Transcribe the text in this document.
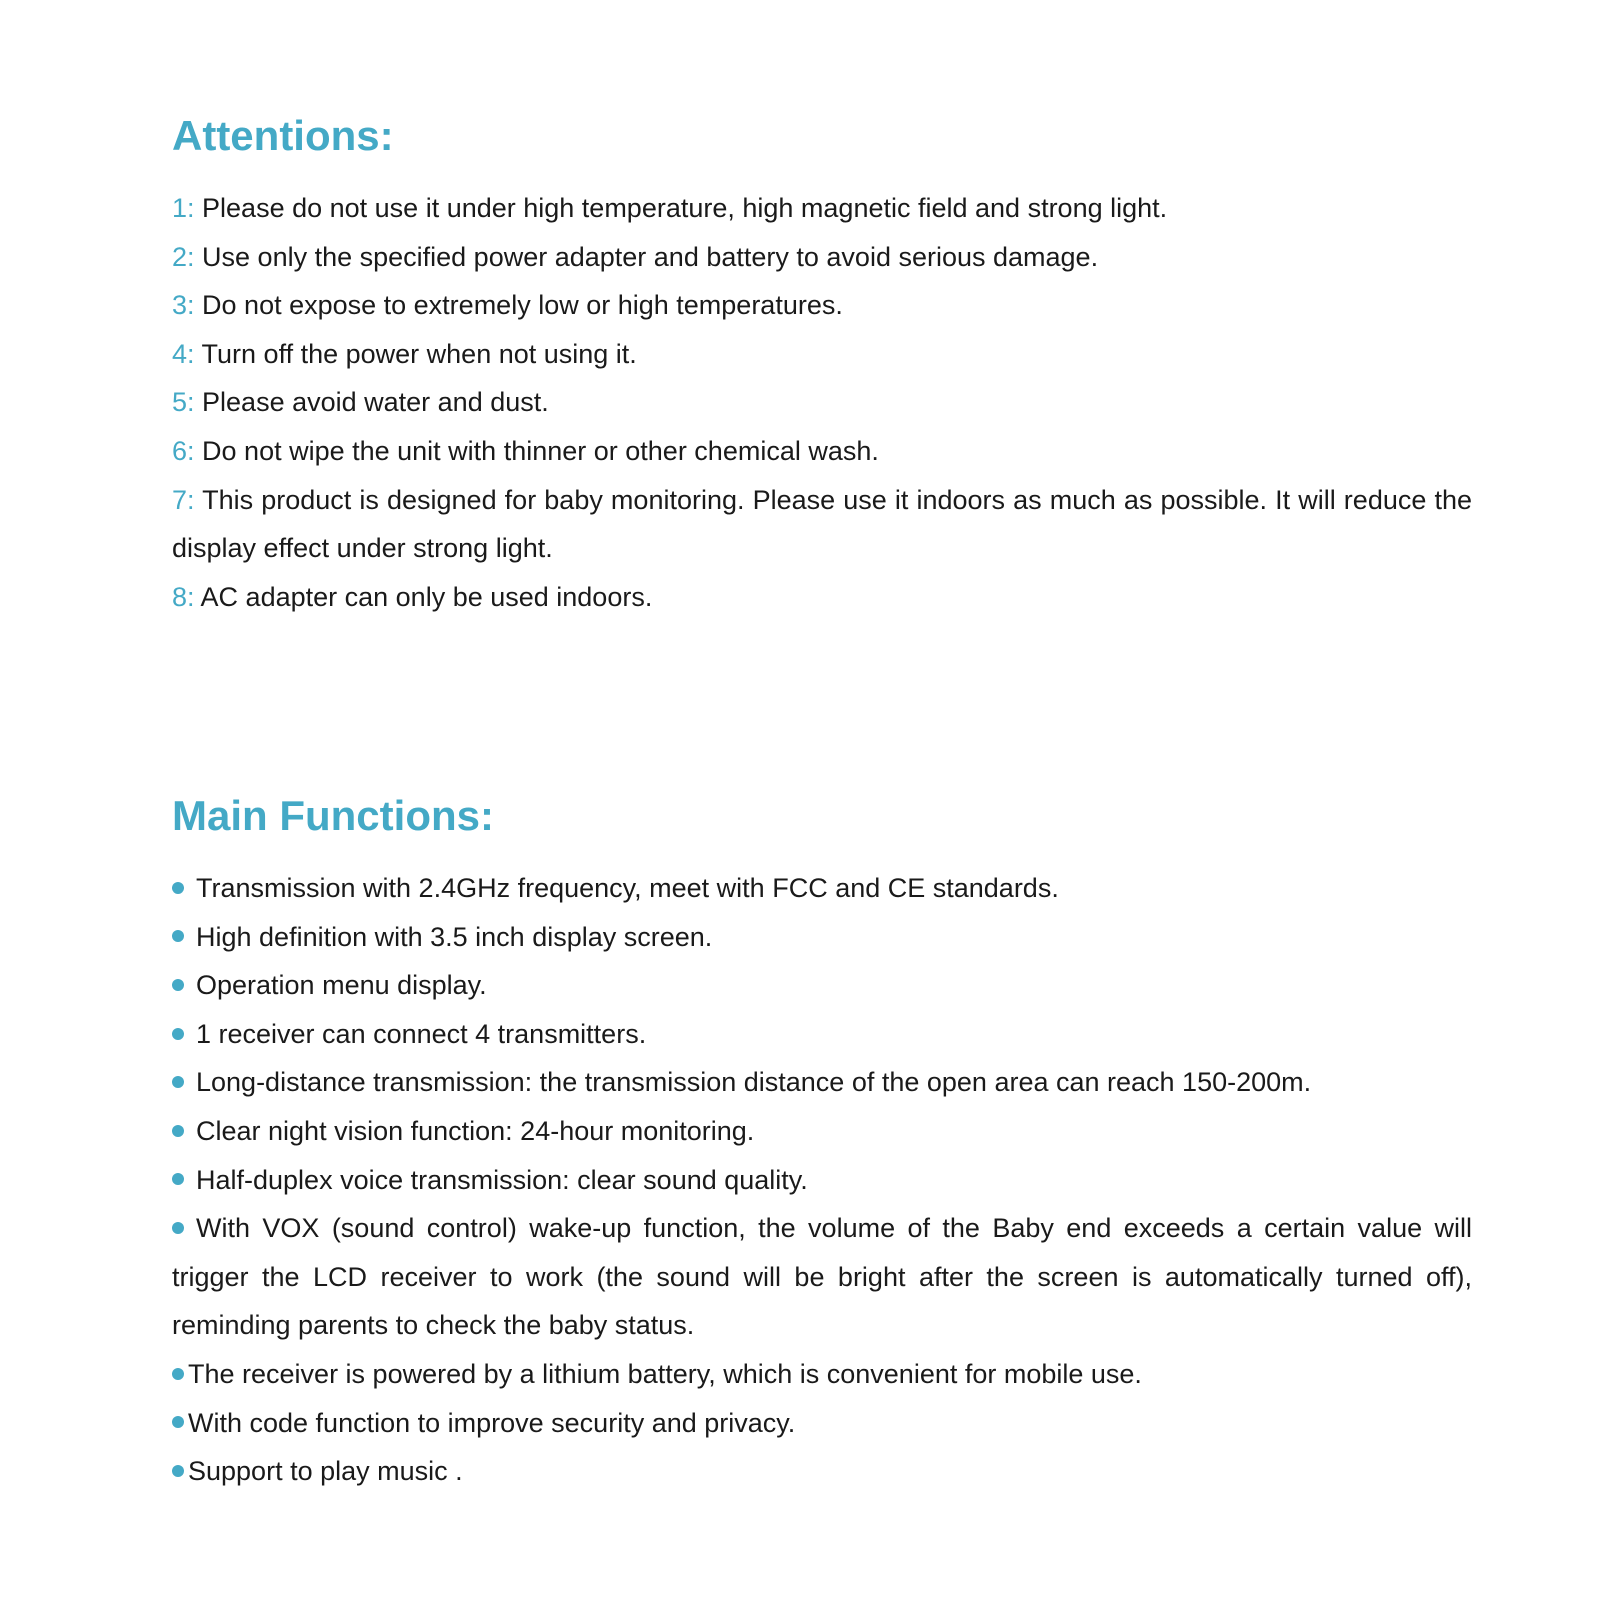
Attentions:
1: Please do not use it under high temperature, high magnetic field and strong light.
2: Use only the specified power adapter and battery to avoid serious damage.
3: Do not expose to extremely low or high temperatures.
4: Turn off the power when not using it.
5: Please avoid water and dust.
6: Do not wipe the unit with thinner or other chemical wash.
7: This product is designed for baby monitoring. Please use it indoors as much as possible. It will reduce the display effect under strong light.
8: AC adapter can only be used indoors.
Main Functions:
Transmission with 2.4GHz frequency, meet with FCC and CE standards.
High definition with 3.5 inch display screen.
Operation menu display.
1 receiver can connect 4 transmitters.
Long-distance transmission: the transmission distance of the open area can reach 150-200m.
Clear night vision function: 24-hour monitoring.
Half-duplex voice transmission: clear sound quality.
With VOX (sound control) wake-up function, the volume of the Baby end exceeds a certain value will trigger the LCD receiver to work (the sound will be bright after the screen is automatically turned off), reminding parents to check the baby status.
The receiver is powered by a lithium battery, which is convenient for mobile use.
With code function to improve security and privacy.
Support to play music .
